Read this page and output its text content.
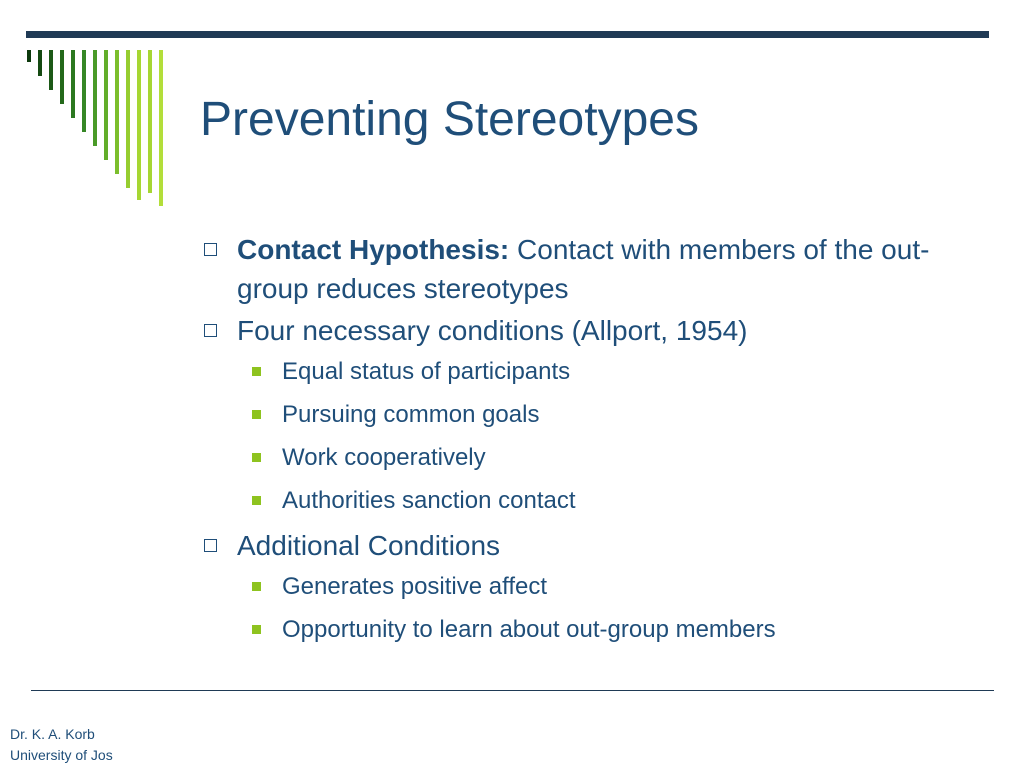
Preventing Stereotypes
Contact Hypothesis: Contact with members of the out-group reduces stereotypes
Four necessary conditions (Allport, 1954)
Equal status of participants
Pursuing common goals
Work cooperatively
Authorities sanction contact
Additional Conditions
Generates positive affect
Opportunity to learn about out-group members
Dr. K. A. Korb
University of Jos
